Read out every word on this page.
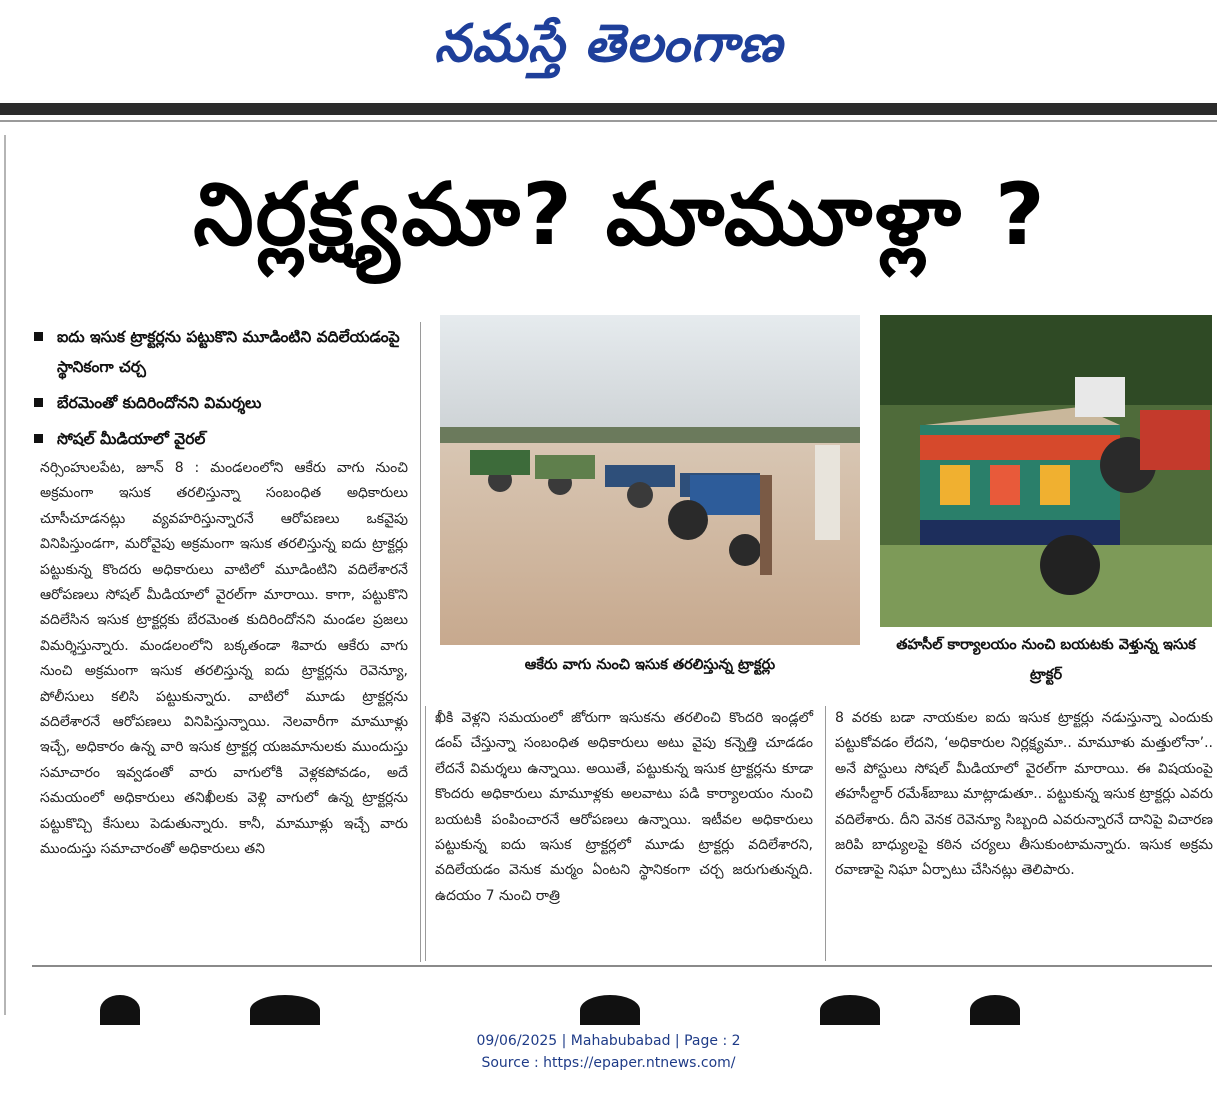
నమస్తే తెలంగాణ
నిర్లక్ష్యమా? మామూళ్లా ?
ఐదు ఇసుక ట్రాక్టర్లను పట్టుకొని మూడింటిని వదిలేయడంపై స్థానికంగా చర్చ
బేరమెంతో కుదిరిందోనని విమర్శలు
సోషల్ మీడియాలో వైరల్
నర్సింహులపేట, జూన్ 8 : మండలంలోని ఆకేరు వాగు నుంచి అక్రమంగా ఇసుక తరలిస్తున్నా సంబంధిత అధికారులు చూసీచూడనట్లు వ్యవహరిస్తున్నారనే ఆరోపణలు ఒకవైపు వినిపిస్తుండగా, మరోవైపు అక్రమంగా ఇసుక తరలిస్తున్న ఐదు ట్రాక్టర్లు పట్టుకున్న కొందరు అధికారులు వాటిలో మూడింటిని వదిలేశారనే ఆరోపణలు సోషల్ మీడియాలో వైరల్‌గా మారాయి. కాగా, పట్టుకొని వదిలేసిన ఇసుక ట్రాక్టర్లకు బేరమెంత కుదిరిందోనని మండల ప్రజలు విమర్శిస్తున్నారు. మండలంలోని బక్కతండా శివారు ఆకేరు వాగు నుంచి అక్రమంగా ఇసుక తరలిస్తున్న ఐదు ట్రాక్టర్లను రెవెన్యూ, పోలీసులు కలిసి పట్టుకున్నారు. వాటిలో మూడు ట్రాక్టర్లను వదిలేశారనే ఆరోపణలు వినిపిస్తున్నాయి. నెలవారీగా మామూళ్లు ఇచ్చే, అధికారం ఉన్న వారి ఇసుక ట్రాక్టర్ల యజమానులకు ముందుస్తు సమాచారం ఇవ్వడంతో వారు వాగులోకి వెళ్లకపోవడం, అదే సమయంలో అధికారులు తనిఖీలకు వెళ్లి వాగులో ఉన్న ట్రాక్టర్లను పట్టుకొచ్చి కేసులు పెడుతున్నారు. కానీ, మామూళ్లు ఇచ్చే వారు ముందుస్తు సమాచారంతో అధికారులు తని
ఆకేరు వాగు నుంచి ఇసుక తరలిస్తున్న ట్రాక్టర్లు
తహసీల్ కార్యాలయం నుంచి బయటకు వెళ్తున్న ఇసుక ట్రాక్టర్
ఖీకి వెళ్లని సమయంలో జోరుగా ఇసుకను తరలించి కొందరి ఇండ్లలో డంప్ చేస్తున్నా సంబంధిత అధికారులు అటు వైపు కన్నెత్తి చూడడం లేదనే విమర్శలు ఉన్నాయి. అయితే, పట్టుకున్న ఇసుక ట్రాక్టర్లను కూడా కొందరు అధికారులు మామూళ్లకు అలవాటు పడి కార్యాలయం నుంచి బయటకి పంపించారనే ఆరోపణలు ఉన్నాయి. ఇటీవల అధికారులు పట్టుకున్న ఐదు ఇసుక ట్రాక్టర్లలో మూడు ట్రాక్టర్లు వదిలేశారని, వదిలేయడం వెనుక మర్మం ఏంటని స్థానికంగా చర్చ జరుగుతున్నది. ఉదయం 7 నుంచి రాత్రి
8 వరకు బడా నాయకుల ఐదు ఇసుక ట్రాక్టర్లు నడుస్తున్నా ఎందుకు పట్టుకోవడం లేదని, ‘అధికారుల నిర్లక్ష్యమా.. మామూళు మత్తులోనా’.. అనే పోస్టులు సోషల్ మీడియాలో వైరల్‌గా మారాయి. ఈ విషయంపై తహసీల్దార్ రమేశ్‌బాబు మాట్లాడుతూ.. పట్టుకున్న ఇసుక ట్రాక్టర్లు ఎవరు వదిలేశారు. దీని వెనక రెవెన్యూ సిబ్బంది ఎవరున్నారనే దానిపై విచారణ జరిపి బాధ్యులపై కఠిన చర్యలు తీసుకుంటామన్నారు. ఇసుక అక్రమ రవాణాపై నిఘా ఏర్పాటు చేసినట్లు తెలిపారు.
09/06/2025 | Mahabubabad | Page : 2
Source : https://epaper.ntnews.com/
